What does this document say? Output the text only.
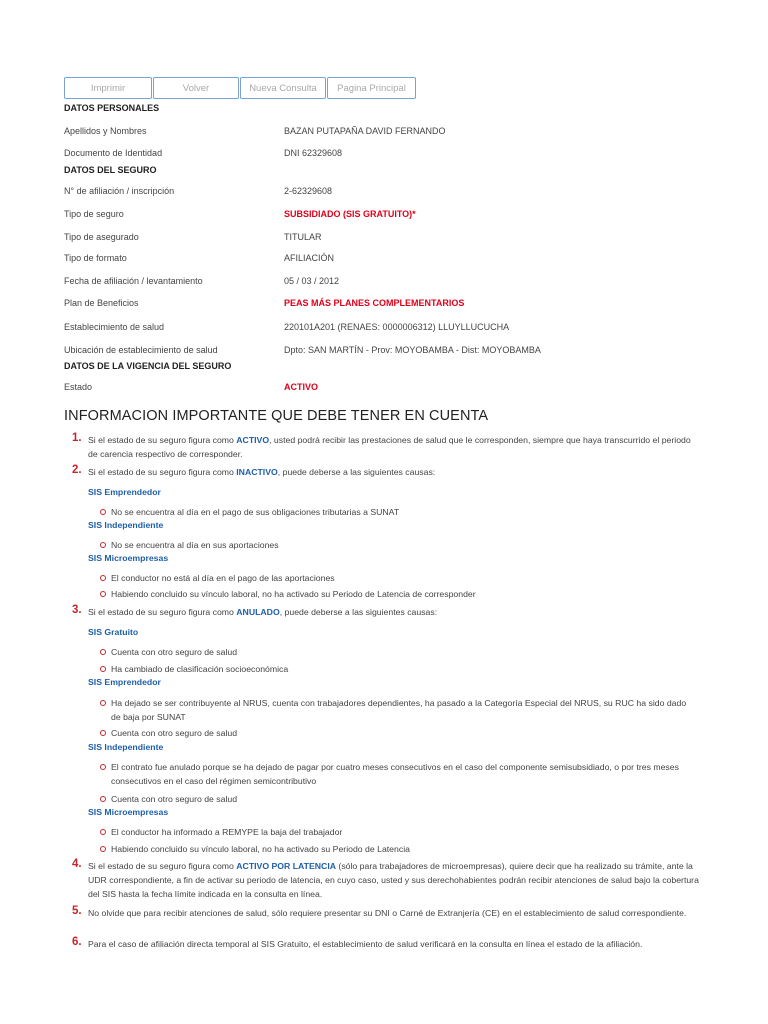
Imprimir	Volver	Nueva Consulta	Pagina Principal
DATOS PERSONALES
Apellidos y Nombres	BAZAN PUTAPAÑA DAVID FERNANDO
Documento de Identidad	DNI 62329608
DATOS DEL SEGURO
N° de afiliación / inscripción	2-62329608
Tipo de seguro	SUBSIDIADO (SIS GRATUITO)*
Tipo de asegurado	TITULAR
Tipo de formato	AFILIACIÓN
Fecha de afiliación / levantamiento	05 / 03 / 2012
Plan de Beneficios	PEAS MÁS PLANES COMPLEMENTARIOS
Establecimiento de salud	220101A201 (RENAES: 0000006312) LLUYLLUCUCHA
Ubicación de establecimiento de salud	Dpto: SAN MARTÍN - Prov: MOYOBAMBA - Dist: MOYOBAMBA
DATOS DE LA VIGENCIA DEL SEGURO
Estado	ACTIVO
INFORMACION IMPORTANTE QUE DEBE TENER EN CUENTA
1. Si el estado de su seguro figura como ACTIVO, usted podrá recibir las prestaciones de salud que le corresponden, siempre que haya transcurrido el periodo de carencia respectivo de corresponder.
2. Si el estado de su seguro figura como INACTIVO, puede deberse a las siguientes causas:
SIS Emprendedor
No se encuentra al día en el pago de sus obligaciones tributarias a SUNAT
SIS Independiente
No se encuentra al día en sus aportaciones
SIS Microempresas
El conductor no está al día en el pago de las aportaciones
Habiendo concluido su vínculo laboral, no ha activado su Periodo de Latencia de corresponder
3. Si el estado de su seguro figura como ANULADO, puede deberse a las siguientes causas:
SIS Gratuito
Cuenta con otro seguro de salud
Ha cambiado de clasificación socioeconómica
SIS Emprendedor
Ha dejado se ser contribuyente al NRUS, cuenta con trabajadores dependientes, ha pasado a la Categoría Especial del NRUS, su RUC ha sido dado de baja por SUNAT
Cuenta con otro seguro de salud
SIS Independiente
El contrato fue anulado porque se ha dejado de pagar por cuatro meses consecutivos en el caso del componente semisubsidiado, o por tres meses consecutivos en el caso del régimen semicontributivo
Cuenta con otro seguro de salud
SIS Microempresas
El conductor ha informado a REMYPE la baja del trabajador
Habiendo concluido su vínculo laboral, no ha activado su Periodo de Latencia
4. Si el estado de su seguro figura como ACTIVO POR LATENCIA (sólo para trabajadores de microempresas), quiere decir que ha realizado su trámite, ante la UDR correspondiente, a fin de activar su periodo de latencia, en cuyo caso, usted y sus derechohabientes podrán recibir atenciones de salud bajo la cobertura del SIS hasta la fecha límite indicada en la consulta en línea.
5. No olvide que para recibir atenciones de salud, sólo requiere presentar su DNI o Carné de Extranjería (CE) en el establecimiento de salud correspondiente.
6. Para el caso de afiliación directa temporal al SIS Gratuito, el establecimiento de salud verificará en la consulta en línea el estado de la afiliación.
